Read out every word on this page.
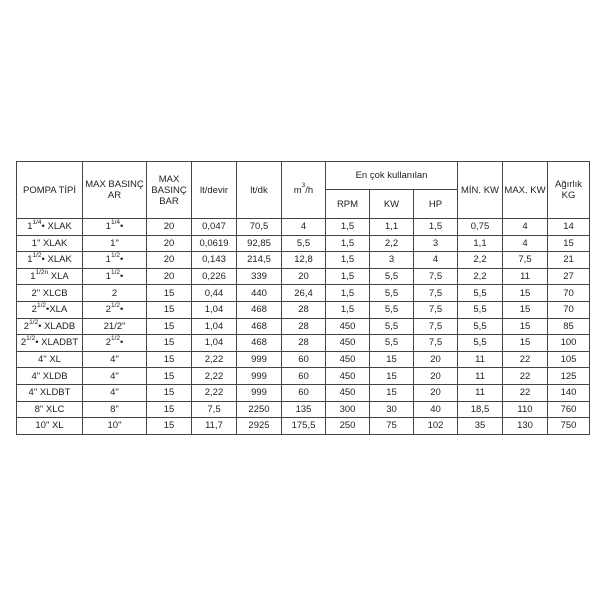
POMPA TİPİ	MAX BASINÇ AR	MAX BASINÇ BAR	lt/devir	lt/dk	$m^3/h$	En çok kullanılan			MİN. KW	MAX. KW	Ağırlık KG
						RPM	KW	HP			
$1^{1/4}•$ XLAK	$1^{1/4}•$	20	0,047	70,5	4	1,5	1,1	1,5	0,75	4	14
1" XLAK	1"	20	0,0619	92,85	5,5	1,5	2,2	3	1,1	4	15
$1^{1/2}•$ XLAK	$1^{1/2}•$	20	0,143	214,5	12,8	1,5	3	4	2,2	7,5	21
$1^{1/2n}$ XLA	$1^{1/2}•$	20	0,226	339	20	1,5	5,5	7,5	2,2	11	27
2" XLCB	2	15	0,44	440	26,4	1,5	5,5	7,5	5,5	15	70
$2^{1/2}•XLA$	$2^{1/2}•$	15	1,04	468	28	1,5	5,5	7,5	5,5	15	70
$2^{1/2}•$ XLADB	21/2"	15	1,04	468	28	450	5,5	7,5	5,5	15	85
$2^{1/2}•$ XLADBT	$2^{1/2}•$	15	1,04	468	28	450	5,5	7,5	5,5	15	100
4" XL	4"	15	2,22	999	60	450	15	20	11	22	105
4" XLDB	4"	15	2,22	999	60	450	15	20	11	22	125
4" XLDBT	4"	15	2,22	999	60	450	15	20	11	22	140
8" XLC	8"	15	7,5	2250	135	300	30	40	18,5	110	760
10" XL	10"	15	11,7	2925	175,5	250	75	102	35	130	750
